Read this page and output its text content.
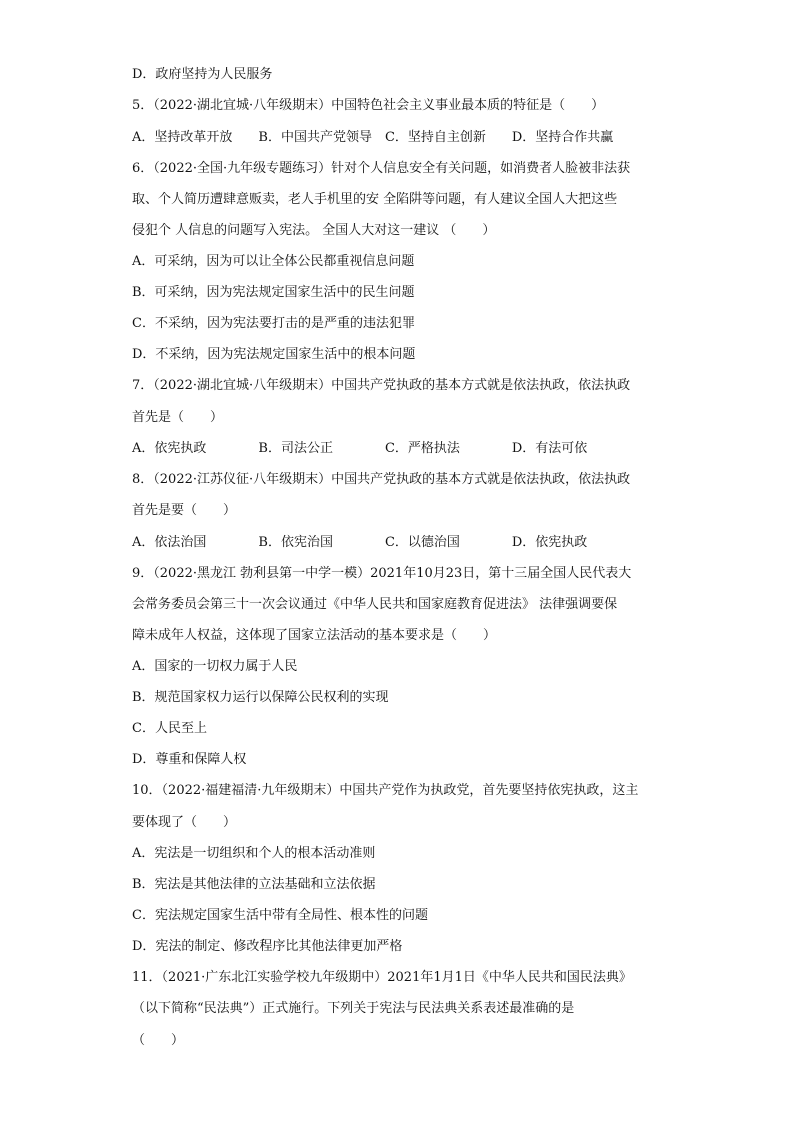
D．政府坚持为人民服务
5．（2022·湖北宜城·八年级期末）中国特色社会主义事业最本质的特征是（　　）
A．坚持改革开放　　B．中国共产党领导　C．坚持自主创新　　D．坚持合作共赢
6．（2022·全国·九年级专题练习）针对个人信息安全有关问题，如消费者人脸被非法获
取、个人简历遭肆意贩卖，老人手机里的安 全陷阱等问题，有人建议全国人大把这些
侵犯个 人信息的问题写入宪法。 全国人大对这一建议 （　　）
A．可采纳，因为可以让全体公民都重视信息问题
B．可采纳，因为宪法规定国家生活中的民生问题
C．不采纳，因为宪法要打击的是严重的违法犯罪
D．不采纳，因为宪法规定国家生活中的根本问题
7．（2022·湖北宜城·八年级期末）中国共产党执政的基本方式就是依法执政，依法执政
首先是（　　）
A．依宪执政　　　　B．司法公正　　　　C．严格执法　　　　D．有法可依
8．（2022·江苏仪征·八年级期末）中国共产党执政的基本方式就是依法执政，依法执政
首先是要（　　）
A．依法治国　　　　B．依宪治国　　　　C．以德治国　　　　D．依宪执政
9．（2022·黑龙江 勃利县第一中学一模）2021年10月23日，第十三届全国人民代表大
会常务委员会第三十一次会议通过《中华人民共和国家庭教育促进法》 法律强调要保
障未成年人权益，这体现了国家立法活动的基本要求是（　　）
A．国家的一切权力属于人民
B．规范国家权力运行以保障公民权利的实现
C．人民至上
D．尊重和保障人权
10．（2022·福建福清·九年级期末）中国共产党作为执政党，首先要坚持依宪执政，这主
要体现了（　　）
A．宪法是一切组织和个人的根本活动准则
B．宪法是其他法律的立法基础和立法依据
C．宪法规定国家生活中带有全局性、根本性的问题
D．宪法的制定、修改程序比其他法律更加严格
11．（2021·广东北江实验学校九年级期中）2021年1月1日《中华人民共和国民法典》
（以下简称“民法典”）正式施行。下列关于宪法与民法典关系表述最准确的是
（　　）
